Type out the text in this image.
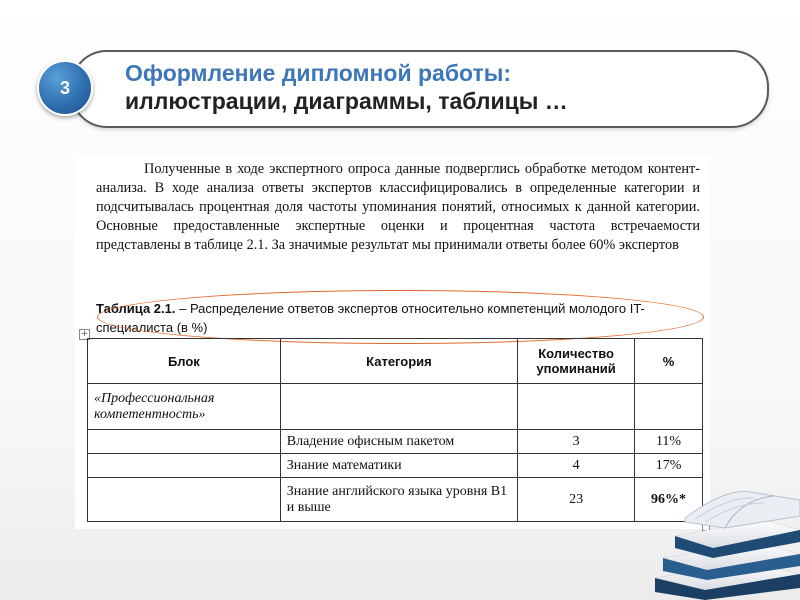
3
Оформление дипломной работы:
иллюстрации, диаграммы, таблицы …
Полученные в ходе экспертного опроса данные подверглись обработке методом контент-анализа. В ходе анализа ответы экспертов классифицировались в определенные категории и подсчитывалась процентная доля частоты упоминания понятий, относимых к данной категории. Основные предоставленные экспертные оценки и процентная частота встречаемости представлены в таблице 2.1. За значимые результат мы принимали ответы более 60% экспертов
Таблица 2.1. – Распределение ответов экспертов относительно компетенций молодого IT-специалиста (в %)
+
Блок	Категория	Количество упоминаний	%
«Профессиональная компетентность»			
	Владение офисным пакетом	3	11%
	Знание математики	4	17%
	Знание английского языка уровня В1 и выше	23	96%*
